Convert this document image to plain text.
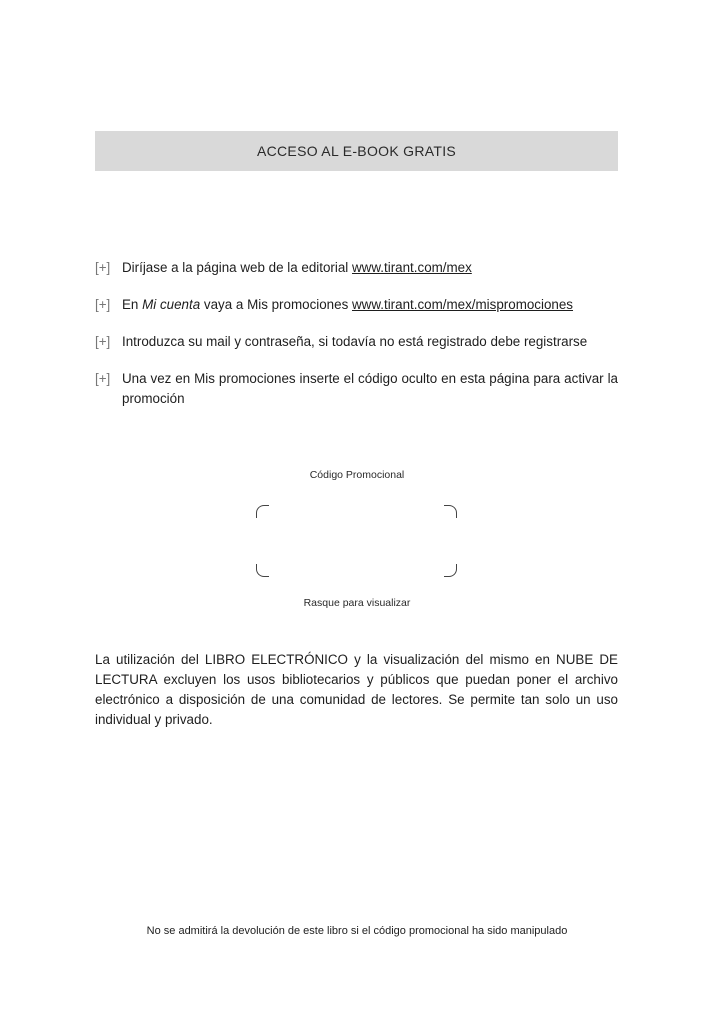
ACCESO AL E-BOOK GRATIS
[+] Diríjase a la página web de la editorial www.tirant.com/mex
[+] En Mi cuenta vaya a Mis promociones www.tirant.com/mex/mispromociones
[+] Introduzca su mail y contraseña, si todavía no está registrado debe registrarse
[+] Una vez en Mis promociones inserte el código oculto en esta página para activar la promoción
Código Promocional
Rasque para visualizar
La utilización del LIBRO ELECTRÓNICO y la visualización del mismo en NUBE DE LECTURA excluyen los usos bibliotecarios y públicos que puedan poner el archivo electrónico a disposición de una comunidad de lectores. Se permite tan solo un uso individual y privado.
No se admitirá la devolución de este libro si el código promocional ha sido manipulado
